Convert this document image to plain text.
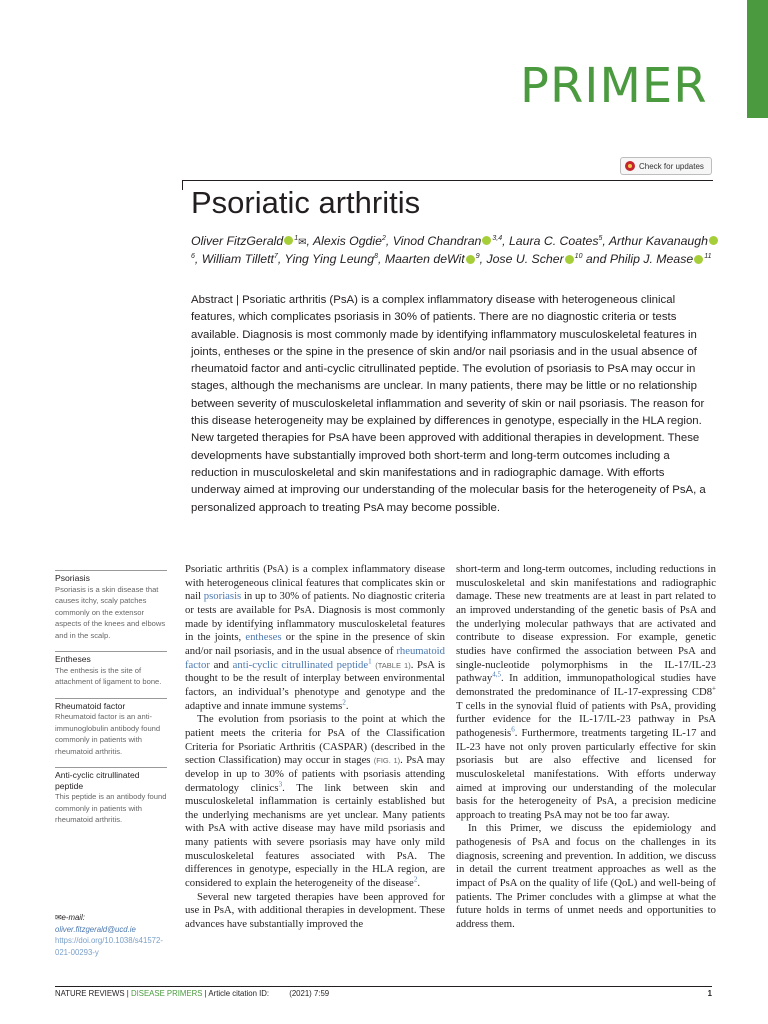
PRIMER
Check for updates
Psoriatic arthritis
Oliver FitzGerald $^1$✉, Alexis Ogdie$^2$, Vinod Chandran $^{3,4}$, Laura C. Coates$^5$, Arthur Kavanaugh$^6$, William Tillett$^7$, Ying Ying Leung$^8$, Maarten deWit $^9$, Jose U. Scher $^{10}$ and Philip J. Mease $^{11}$
Abstract | Psoriatic arthritis (PsA) is a complex inflammatory disease with heterogeneous clinical features, which complicates psoriasis in 30% of patients. There are no diagnostic criteria or tests available. Diagnosis is most commonly made by identifying inflammatory musculoskeletal features in joints, entheses or the spine in the presence of skin and/or nail psoriasis and in the usual absence of rheumatoid factor and anti-cyclic citrullinated peptide. The evolution of psoriasis to PsA may occur in stages, although the mechanisms are unclear. In many patients, there may be little or no relationship between severity of musculoskeletal inflammation and severity of skin or nail psoriasis. The reason for this disease heterogeneity may be explained by differences in genotype, especially in the HLA region. New targeted therapies for PsA have been approved with additional therapies in development. These developments have substantially improved both short-term and long-term outcomes including a reduction in musculoskeletal and skin manifestations and in radiographic damage. With efforts underway aimed at improving our understanding of the molecular basis for the heterogeneity of PsA, a personalized approach to treating PsA may become possible.
Psoriasis
Psoriasis is a skin disease that causes itchy, scaly patches commonly on the extensor aspects of the knees and elbows and in the scalp.
Entheses
The enthesis is the site of attachment of ligament to bone.
Rheumatoid factor
Rheumatoid factor is an anti-immunoglobulin antibody found commonly in patients with rheumatoid arthritis.
Anti-cyclic citrullinated peptide
This peptide is an antibody found commonly in patients with rheumatoid arthritis.
✉e-mail:
oliver.fitzgerald@ucd.ie
https://doi.org/10.1038/s41572-021-00293-y

Psoriatic arthritis (PsA) is a complex inflammatory disease with heterogeneous clinical features that complicates skin or nail psoriasis in up to 30% of patients. No diagnostic criteria or tests are available for PsA. Diagnosis is most commonly made by identifying inflammatory musculoskeletal features in the joints, entheses or the spine in the presence of skin and/or nail psoriasis, and in the usual absence of rheumatoid factor and anti-cyclic citrullinated peptide$^1$ (TABLE 1). PsA is thought to be the result of interplay between environmental factors, an individual’s phenotype and genotype and the adaptive and innate immune systems$^2$.

The evolution from psoriasis to the point at which the patient meets the criteria for PsA of the Classification Criteria for Psoriatic Arthritis (CASPAR) (described in the section Classification) may occur in stages (FIG. 1). PsA may develop in up to 30% of patients with psoriasis attending dermatology clinics$^3$. The link between skin and musculoskeletal inflammation is certainly established but the underlying mechanisms are yet unclear. Many patients with PsA with active disease may have mild psoriasis and many patients with severe psoriasis may have only mild musculoskeletal features associated with PsA. The differences in genotype, especially in the HLA region, are considered to explain the heterogeneity of the disease$^2$.

Several new targeted therapies have been approved for use in PsA, with additional therapies in development. These advances have substantially improved the

short-term and long-term outcomes, including reductions in musculoskeletal and skin manifestations and radiographic damage. These new treatments are at least in part related to an improved understanding of the genetic basis of PsA and the underlying molecular pathways that are activated and contribute to disease expression. For example, genetic studies have confirmed the association between PsA and single-nucleotide polymorphisms in the IL-17/IL-23 pathway$^{4,5}$. In addition, immunopathological studies have demonstrated the predominance of IL-17-expressing CD8+ T cells in the synovial fluid of patients with PsA, providing further evidence for the IL-17/IL-23 pathway in PsA pathogenesis$^6$. Furthermore, treatments targeting IL-17 and IL-23 have not only proven particularly effective for skin psoriasis but are also effective and licensed for musculoskeletal manifestations. With efforts underway aimed at improving our understanding of the molecular basis for the heterogeneity of PsA, a precision medicine approach to treating PsA may not be too far away.

In this Primer, we discuss the epidemiology and pathogenesis of PsA and focus on the challenges in its diagnosis, screening and prevention. In addition, we discuss in detail the current treatment approaches as well as the impact of PsA on the quality of life (QoL) and well-being of patients. The Primer concludes with a glimpse at what the future holds in terms of unmet needs and opportunities to address them.

NATURE REVIEWS | DISEASE PRIMERS | Article citation ID:	(2021) 7:59	1
